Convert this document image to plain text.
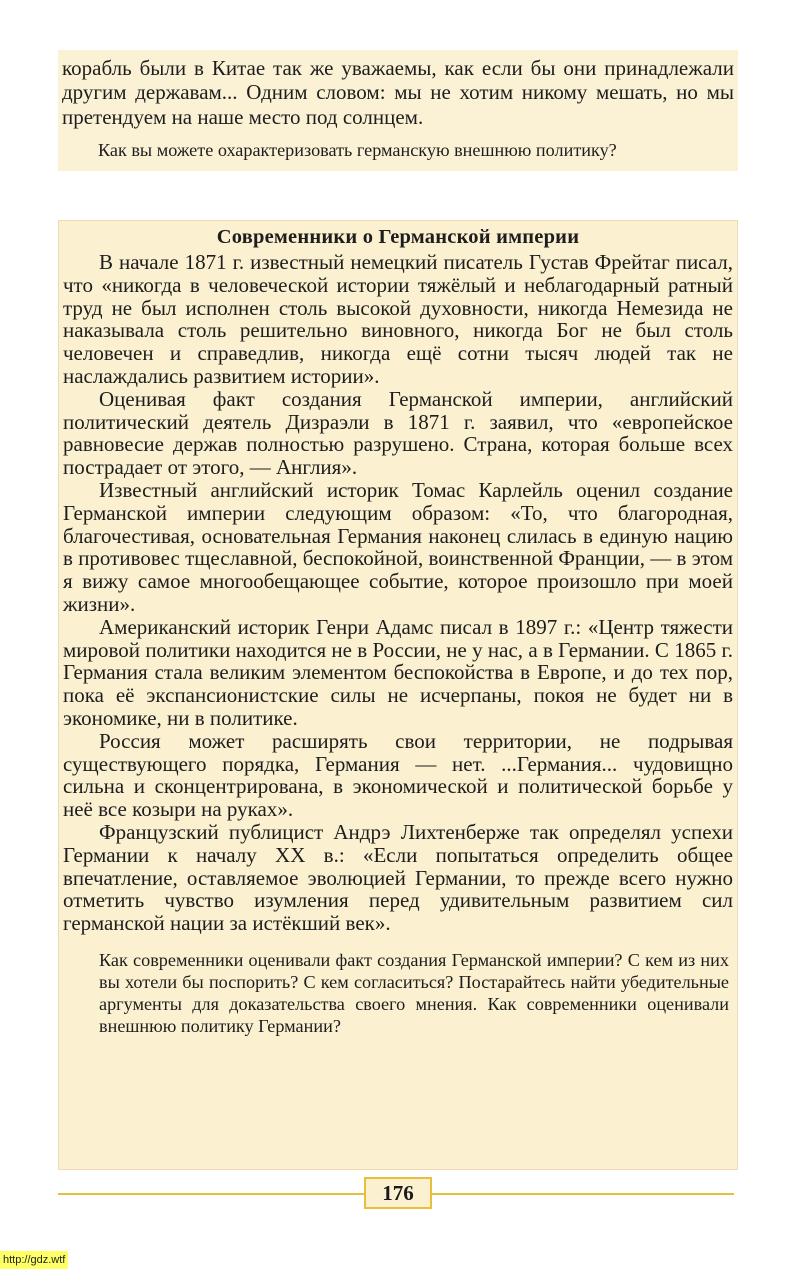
корабль были в Китае так же уважаемы, как если бы они принадлежали другим державам... Одним словом: мы не хотим никому мешать, но мы претендуем на наше место под солнцем.

Как вы можете охарактеризовать германскую внешнюю политику?

Современники о Германской империи

В начале 1871 г. известный немецкий писатель Густав Фрейтаг писал, что «никогда в человеческой истории тяжёлый и неблагодарный ратный труд не был исполнен столь высокой духовности, никогда Немезида не наказывала столь решительно виновного, никогда Бог не был столь человечен и справедлив, никогда ещё сотни тысяч людей так не наслаждались развитием истории».

Оценивая факт создания Германской империи, английский политический деятель Дизраэли в 1871 г. заявил, что «европейское равновесие держав полностью разрушено. Страна, которая больше всех пострадает от этого, — Англия».

Известный английский историк Томас Карлейль оценил создание Германской империи следующим образом: «То, что благородная, благочестивая, основательная Германия наконец слилась в единую нацию в противовес тщеславной, беспокойной, воинственной Франции, — в этом я вижу самое многообещающее событие, которое произошло при моей жизни».

Американский историк Генри Адамс писал в 1897 г.: «Центр тяжести мировой политики находится не в России, не у нас, а в Германии. С 1865 г. Германия стала великим элементом беспокойства в Европе, и до тех пор, пока её экспансионистские силы не исчерпаны, покоя не будет ни в экономике, ни в политике.

Россия может расширять свои территории, не подрывая существующего порядка, Германия — нет. ...Германия... чудовищно сильна и сконцентрирована, в экономической и политической борьбе у неё все козыри на руках».

Французский публицист Андрэ Лихтенберже так определял успехи Германии к началу XX в.: «Если попытаться определить общее впечатление, оставляемое эволюцией Германии, то прежде всего нужно отметить чувство изумления перед удивительным развитием сил германской нации за истёкший век».

Как современники оценивали факт создания Германской империи? С кем из них вы хотели бы поспорить? С кем согласиться? Постарайтесь найти убедительные аргументы для доказательства своего мнения. Как современники оценивали внешнюю политику Германии?

176
http://gdz.wtf
